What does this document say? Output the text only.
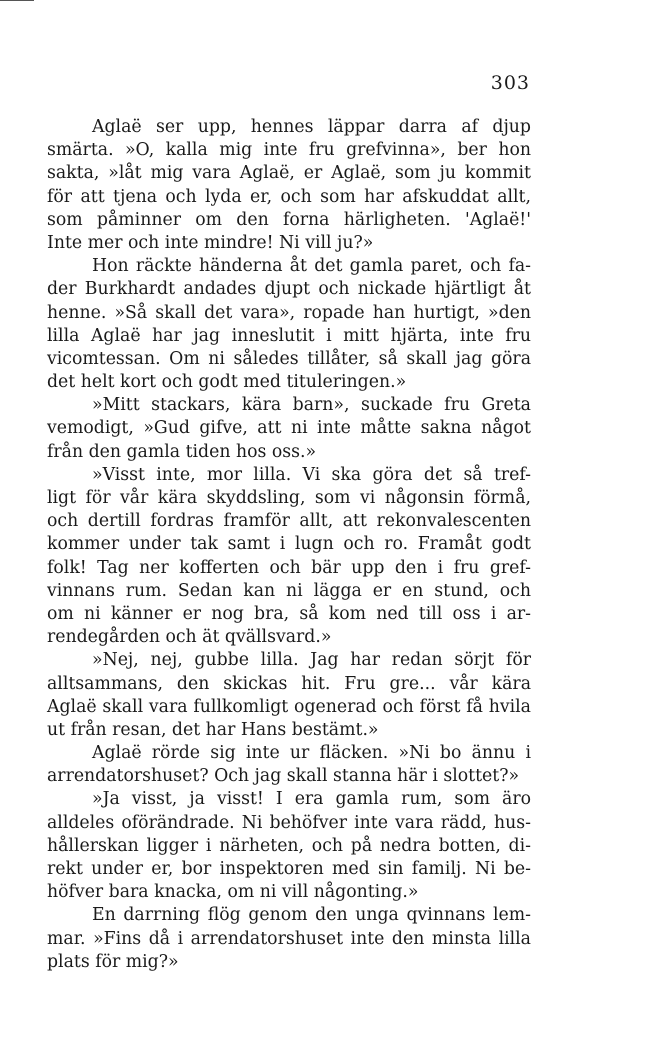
303
Aglaë ser upp, hennes läppar darra af djup
smärta. »O, kalla mig inte fru grefvinna», ber hon
sakta, »låt mig vara Aglaë, er Aglaë, som ju kommit
för att tjena och lyda er, och som har afskuddat allt,
som påminner om den forna härligheten. 'Aglaë!'
Inte mer och inte mindre! Ni vill ju?»
Hon räckte händerna åt det gamla paret, och fa-
der Burkhardt andades djupt och nickade hjärtligt åt
henne. »Så skall det vara», ropade han hurtigt, »den
lilla Aglaë har jag inneslutit i mitt hjärta, inte fru
vicomtessan. Om ni således tillåter, så skall jag göra
det helt kort och godt med tituleringen.»
»Mitt stackars, kära barn», suckade fru Greta
vemodigt, »Gud gifve, att ni inte måtte sakna något
från den gamla tiden hos oss.»
»Visst inte, mor lilla. Vi ska göra det så tref-
ligt för vår kära skyddsling, som vi någonsin förmå,
och dertill fordras framför allt, att rekonvalescenten
kommer under tak samt i lugn och ro. Framåt godt
folk! Tag ner kofferten och bär upp den i fru gref-
vinnans rum. Sedan kan ni lägga er en stund, och
om ni känner er nog bra, så kom ned till oss i ar-
rendegården och ät qvällsvard.»
»Nej, nej, gubbe lilla. Jag har redan sörjt för
alltsammans, den skickas hit. Fru gre... vår kära
Aglaë skall vara fullkomligt ogenerad och först få hvila
ut från resan, det har Hans bestämt.»
Aglaë rörde sig inte ur fläcken. »Ni bo ännu i
arrendatorshuset? Och jag skall stanna här i slottet?»
»Ja visst, ja visst! I era gamla rum, som äro
alldeles oförändrade. Ni behöfver inte vara rädd, hus-
hållerskan ligger i närheten, och på nedra botten, di-
rekt under er, bor inspektoren med sin familj. Ni be-
höfver bara knacka, om ni vill någonting.»
En darrning flög genom den unga qvinnans lem-
mar. »Fins då i arrendatorshuset inte den minsta lilla
plats för mig?»
